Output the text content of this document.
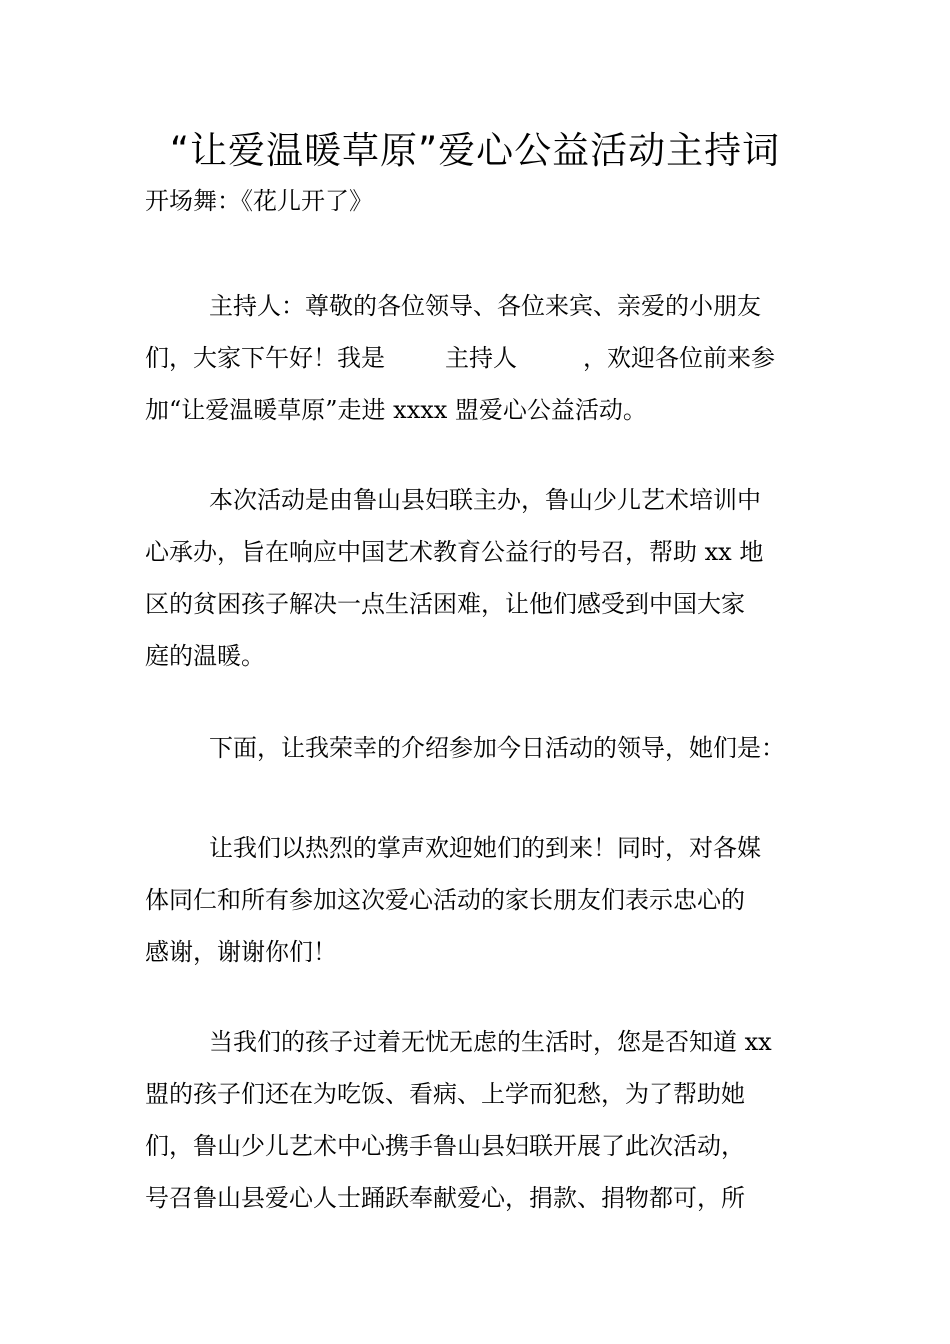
“让爱温暖草原”爱心公益活动主持词
开场舞：《花儿开了》
主持人：尊敬的各位领导、各位来宾、亲爱的小朋友
们，大家下午好！我是	主持人	，欢迎各位前来参
加“让爱温暖草原”走进 xxxx 盟爱心公益活动。
本次活动是由鲁山县妇联主办，鲁山少儿艺术培训中
心承办，旨在响应中国艺术教育公益行的号召，帮助 xx 地
区的贫困孩子解决一点生活困难，让他们感受到中国大家
庭的温暖。
下面，让我荣幸的介绍参加今日活动的领导，她们是：
让我们以热烈的掌声欢迎她们的到来！同时，对各媒
体同仁和所有参加这次爱心活动的家长朋友们表示忠心的
感谢，谢谢你们！
当我们的孩子过着无忧无虑的生活时，您是否知道 xx
盟的孩子们还在为吃饭、看病、上学而犯愁，为了帮助她
们，鲁山少儿艺术中心携手鲁山县妇联开展了此次活动，
号召鲁山县爱心人士踊跃奉献爱心，捐款、捐物都可，所
